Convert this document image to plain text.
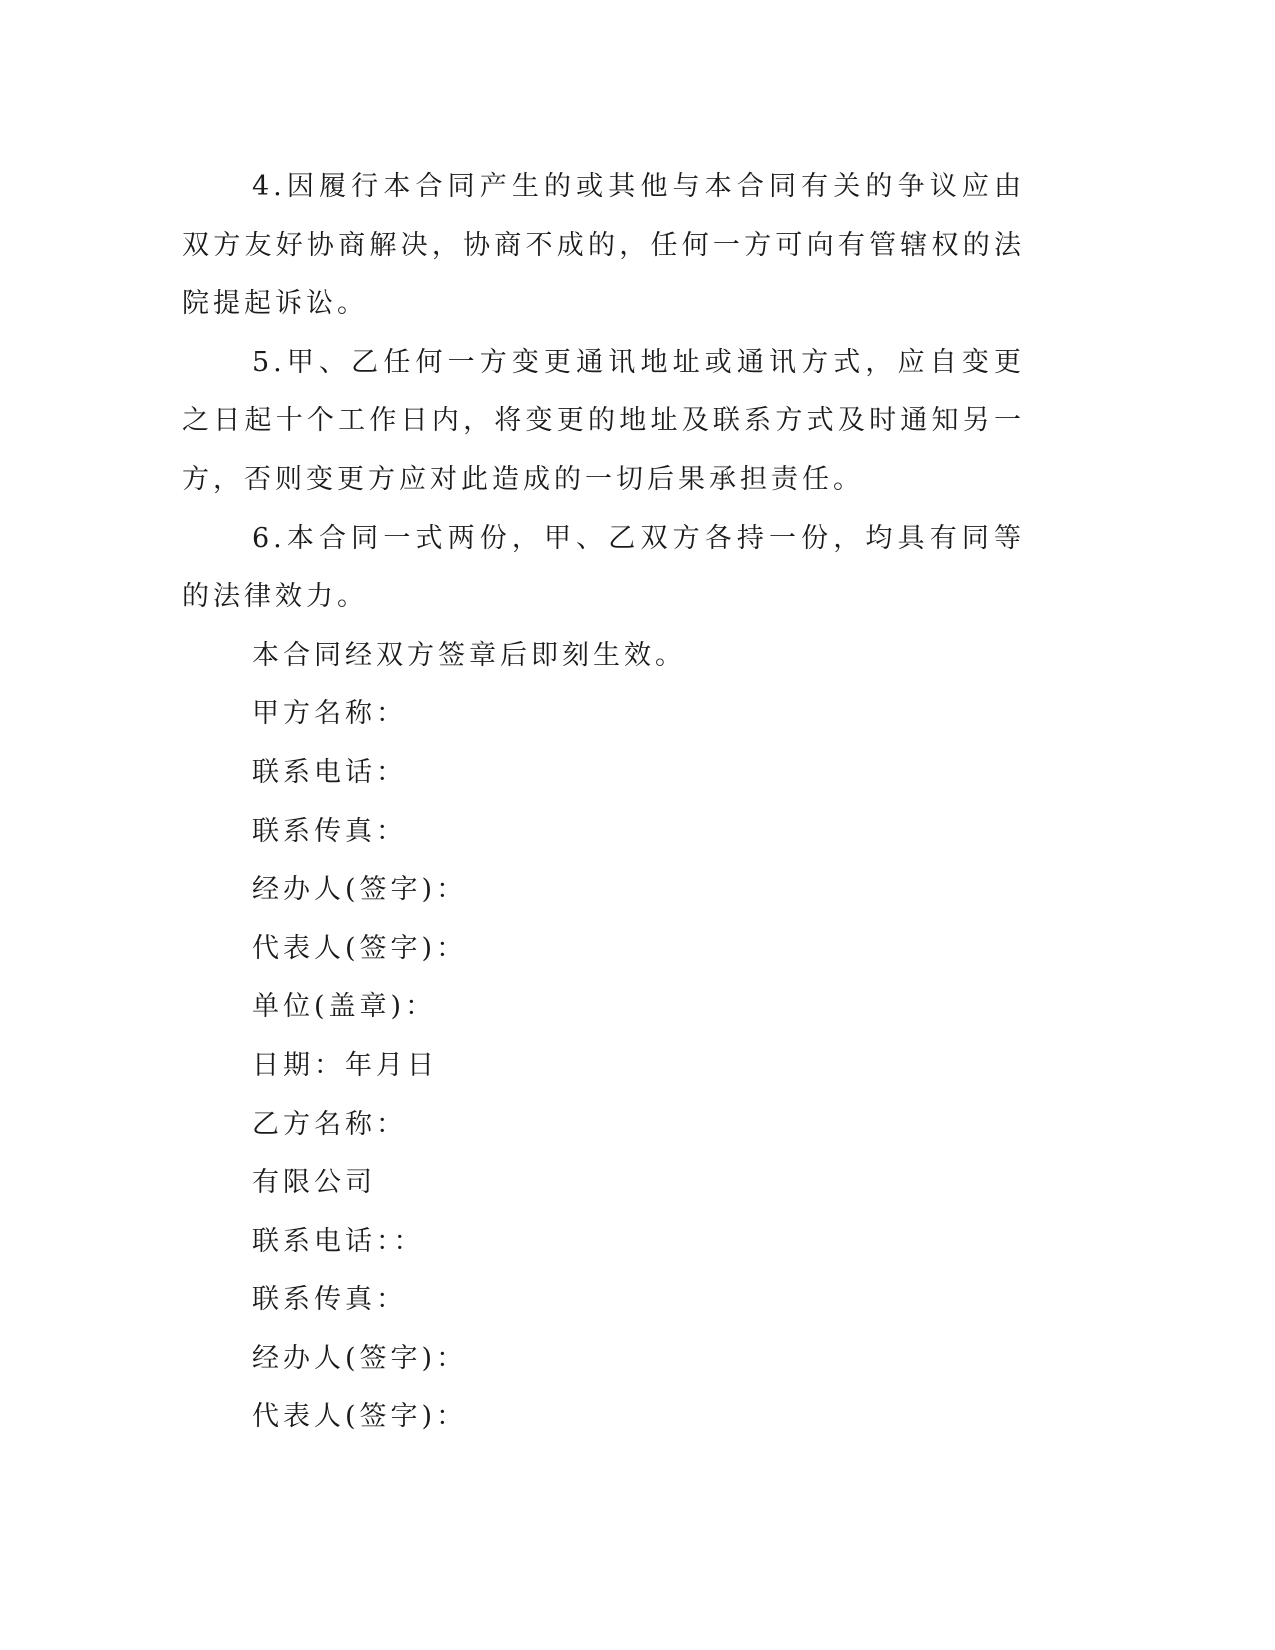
4.因履行本合同产生的或其他与本合同有关的争议应由双方友好协商解决，协商不成的，任何一方可向有管辖权的法院提起诉讼。

5.甲、乙任何一方变更通讯地址或通讯方式，应自变更之日起十个工作日内，将变更的地址及联系方式及时通知另一方，否则变更方应对此造成的一切后果承担责任。

6.本合同一式两份，甲、乙双方各持一份，均具有同等的法律效力。

本合同经双方签章后即刻生效。

甲方名称：

联系电话：

联系传真：

经办人(签字)：

代表人(签字)：

单位(盖章)：

日期：年月日

乙方名称：

有限公司

联系电话：：

联系传真：

经办人(签字)：

代表人(签字)：
